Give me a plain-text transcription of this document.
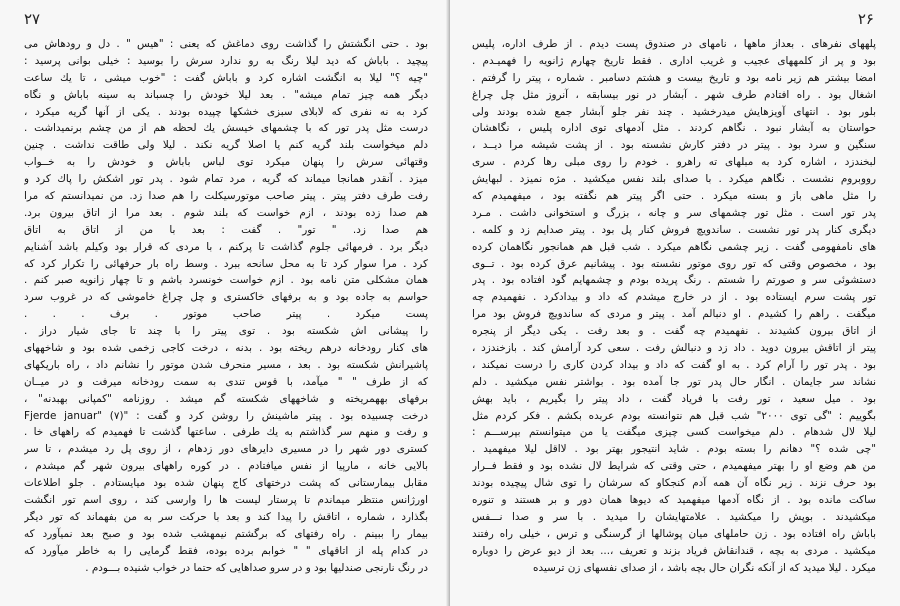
۲۷
بود . حتی انگشتش را گذاشت روی دماغش که یعنی : "هیس " . دل و رودهاش می
پیچید . باباش که دید لیلا رنگ به رو ندارد سرش را بوسید : خیلی بوانی پرسید :
"چیه ؟" لیلا به انگشت اشاره کرد و باباش گفت : "خوب میشی ، تا یك ساعت
دیگر همه چیز تمام میشه" . بعد لیلا خودش را چسباند به سینه باباش و نگاه
کرد به نه نفری که لابلای سبزی خشکها چپیده بودند . یکی از آنها گریه میکرد ،
درست مثل پدر تور که با چشمهای خیسش یك لحظه هم از من چشم برنمیداشت .
دلم میخواست بلند گریه کنم یا اصلا گریه نکند . لیلا ولی طاقت نداشت . چنین
وقتهائی سرش را پنهان میکرد توی لباس باباش و خودش را به خــواب
میزد . آنقدر همانجا میماند که گریه ، مرد تمام شود . پدر تور اشکش را پاك کرد و
رفت طرف دفتر پیتر . پیتر صاحب موتورسیکلت را هم صدا زد. من نمیدانستم که مرا
هم صدا زده بودند ، ازم خواست که بلند شوم . بعد مرا از اتاق بیرون برد.
هم صدا زد. " تور" . گفت : بعد با من از اتاق به اتاق
دیگر برد . فرمهائی جلوم گذاشت تا پرکنم ، با مردی که قرار بود وکیلم باشد آشنایم
کرد . مرا سوار کرد تا به محل سانحه ببرد . وسط راه بار حرفهائی را تکرار کرد که
همان مشکلی متن نامه بود . ازم خواست خونسرد باشم و تا چهار زانویه صبر کنم .
حواسم به جاده بود و به برفهای خاکستری و چل چراغ خاموشی که در غروب سرد
پست میکرد . پیتر صاحب موتور . برف . . .
ﺭﺍ ﭘﯿﺸﺎﻧﯽ ﺍﺵ ﺷﮑﺴﺘﻪ ﺑﻮﺩ . ﺗﻮﯼ ﭘﯿﺘﺮ ﺭﺍ ﺑﺎ ﭼﻨﺪ ﺗﺎ ﺟﺎﯼ ﺷﯿﺎﺭ ﺩﺭﺍﺯ .
های کنار رودخانه درهم ریخته بود . بدنه ، درخت کاجی زخمی شده بود و شاخههای
پاشیرانش شکسته بود . بعد ، مسیر منحرف شدن موتور را نشانم داد ، راه باریکهای
که از طرف " " میآمد، با قوس تندی به سمت رودخانه میرفت و در میــان
برفهای بههمریخته و شاخههای شکسته گم میشد . روزنامه "کمپانی بهبدنه" ،
درخت چسبیده بود . پیتر ماشینش را روشن کرد و گفت : "Fjerde januar" (۷)
و رفت و منهم سر گذاشتم به یك طرفی . ساعتها گذشت تا فهمیدم که راههای خا .
کستری دور شهر را در مسیری دایرهای دور زدهام ، از روی پل رد میشدم ، تا سر
بالایی خانه ، مارپیا از نفس میافتادم . در کوره راههای بیرون شهر گم میشدم ،
مقابل بیمارستانی که پشت درختهای کاج پنهان شده بود میایستادم . جلو اطلاعات
اورژانس منتظر میماندم تا پرستار لیست ها را وارسی کند ، روی اسم تور انگشت
بگذارد ، شماره ، اتاقش را پیدا کند و بعد با حرکت سر به من بفهماند که تور دیگر
بیمار را ببینم . راه رفتهای که برگشتم نیمهشب شده بود و صبح بعد نمیآورد که
در کدام پله از اتاقهای " " خوابم برده بوده، فقط گرمایی را به خاطر میآورد که
در رنگ نارنجی صندلیها بود و در سرو صداهایی که حتما در خواب شنیده بـــودم .
۲۶
پلههای نفرهای . بعداز ماهها ، نامهای در صندوق پست دیدم . از طرف اداره، پلیس
بود و پر از کلمههای عجیب و غریب اداری . فقط تاریخ چهارم ژانویه را فهمیـدم .
امضا بیشتر هم زیر نامه بود و تاریخ بیست و هشتم دسامبر . شماره ، پیتر را گرفتم .
اشغال بود . راه افتادم طرف شهر . آبشار در نور بیسابقه ، آنروز مثل چل چراغ
بلور بود . انتهای آویزهایش میدرخشید . چند نفر جلو آبشار جمع شده بودند ولی
حواستان به آبشار نبود . نگاهم کردند . مثل آدمهای توی اداره پلیس ، نگاهشان
سنگین و سرد بود . پیتر در دفتر کارش نشسته بود . از پشت شیشه مرا دیــد ،
لبخندزد ، اشاره کرد به مبلهای ته راهرو . خودم را روی مبلی رها کردم . سری
رووبروم نشست . نگاهم میکرد . با صدای بلند نفس میکشید . مژه نمیزد . لبهایش
را مثل ماهی باز و بسته میکرد . حتی اگر پیتر هم نگفته بود ، میفهمیدم که
پدر تور است . مثل تور چشمهای سر و چانه ، بزرگ و استخوانی داشت . مـرد
دیگری کنار پدر تور نشست . ساندویچ فروش کنار پل بود . پیتر صدایم زد و کلمه .
های نامفهومی گفت . زیر چشمی نگاهم میکرد . شب قبل هم همانجور نگاهمان کرده
بود ، مخصوص وقتی که تور روی موتور نشسته بود . پیشانیم عرق کرده بود . تــوی
دستشوئی سر و صورتم را شستم . رنگ پریده بودم و چشمهایم گود افتاده بود . پدر
تور پشت سرم ایستاده بود . از در خارج میشدم که داد و بیدادکرد . نفهمیدم چه
میگفت . راهم را کشیدم . او دنبالم آمد . پیتر و مردی که ساندویچ فروش بود مرا
از اتاق بیرون کشیدند . نفهمیدم چه گفت . و بعد رفت . یکی دیگر از پنجره
پیتر از اتاقش بیرون دوید . داد زد و دنبالش رفت . سعی کرد آرامش کند . بازخندزد ،
بود . پدر تور را آرام کرد . به او گفت که داد و بیداد کردن کاری را درست نمیکند ،
نشاند سر جایمان . انگار حال پدر تور جا آمده بود . بواشتر نفس میکشید . دلم
بود . میل سعید ، تور رفت با فریاد گفت ، داد پیتر را بگیریم ، باید بهش
بگوییم : "گی توی ۲۰۰۰" شب قبل هم نتوانسته بودم عربده بکشم . فکر کردم مثل
لیلا لال شدهام . دلم میخواست کسی چیزی میگفت یا من میتوانستم بپرســـم :
"چی شده ؟" دهانم را بسته بودم . شاید انتیجور بهتر بود . لااقل لیلا میفهمید .
من هم وضع او را بهتر میفهمیدم ، حتی وقتی که شرایط لال نشده بود و فقط فــرار
بود حرف نزند . زیر نگاه آن همه آدم کنجکاو که سرشان را توی شال پیچیده بودند
ساکت مانده بود . از نگاه آدمها میفهمید که دیوها همان دور و بر هستند و تنوره
میکشیدند . بوپش را میکشید . علامتهایشان را میدید . با سر و صدا نـــفس
باباش راه افتاده بود . زن حاملهای میان پوشالها از گرسنگی و ترس ، خیلی راه رفتند
میکشید . مردی به بچه ، قندانقاش فریاد بزند و تعریف ،... بعد از دیو عرض را دوباره
میکرد . لیلا میدید که از آنکه نگران حال بچه باشد ، از صدای نفسهای زن ترسیده
